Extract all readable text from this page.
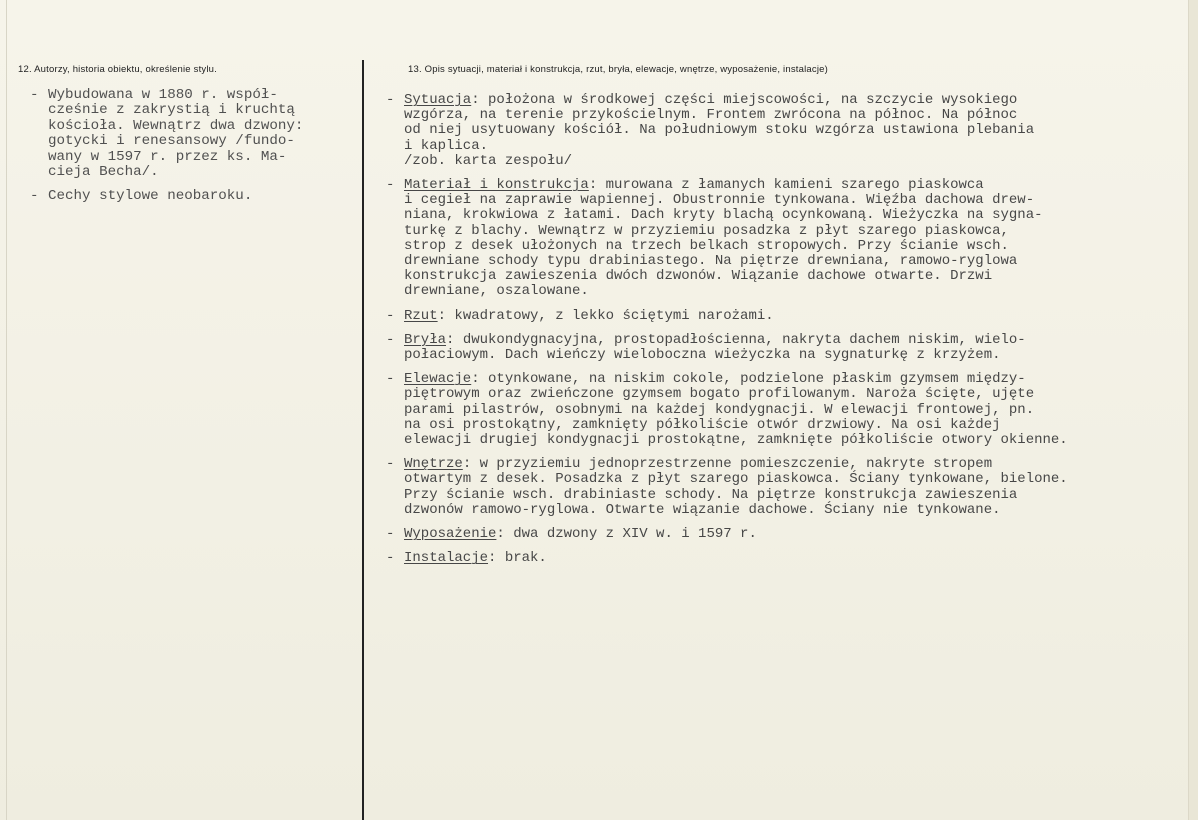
12. Autorzy, historia obiektu, określenie stylu.	13. Opis sytuacji, materiał i konstrukcja, rzut, bryła, elewacje, wnętrze, wyposażenie, instalacje)
- Wybudowana w 1880 r. współ-
cześnie z zakrystią i kruchtą
kościoła. Wewnątrz dwa dzwony:
gotycki i renesansowy /fundo-
wany w 1597 r. przez ks. Ma-
cieja Becha/.
- Cechy stylowe neobaroku.
- Sytuacja: położona w środkowej części miejscowości, na szczycie wysokiego
wzgórza, na terenie przykościelnym. Frontem zwrócona na północ. Na północ
od niej usytuowany kościół. Na południowym stoku wzgórza ustawiona plebania
i kaplica.
/zob. karta zespołu/
- Materiał i konstrukcja: murowana z łamanych kamieni szarego piaskowca
i cegieł na zaprawie wapiennej. Obustronnie tynkowana. Więźba dachowa drew-
niana, krokwiowa z łatami. Dach kryty blachą ocynkowaną. Wieżyczka na sygna-
turkę z blachy. Wewnątrz w przyziemiu posadzka z płyt szarego piaskowca,
strop z desek ułożonych na trzech belkach stropowych. Przy ścianie wsch.
drewniane schody typu drabiniastego. Na piętrze drewniana, ramowo-ryglowa
konstrukcja zawieszenia dwóch dzwonów. Wiązanie dachowe otwarte. Drzwi
drewniane, oszalowane.
- Rzut: kwadratowy, z lekko ściętymi narożami.
- Bryła: dwukondygnacyjna, prostopadłościenna, nakryta dachem niskim, wielo-
połaciowym. Dach wieńczy wieloboczna wieżyczka na sygnaturkę z krzyżem.
- Elewacje: otynkowane, na niskim cokole, podzielone płaskim gzymsem między-
piętrowym oraz zwieńczone gzymsem bogato profilowanym. Naroża ścięte, ujęte
parami pilastrów, osobnymi na każdej kondygnacji. W elewacji frontowej, pn.
na osi prostokątny, zamknięty półkoliście otwór drzwiowy. Na osi każdej
elewacji drugiej kondygnacji prostokątne, zamknięte półkoliście otwory okienne.
- Wnętrze: w przyziemiu jednoprzestrzenne pomieszczenie, nakryte stropem
otwartym z desek. Posadzka z płyt szarego piaskowca. Ściany tynkowane, bielone.
Przy ścianie wsch. drabiniaste schody. Na piętrze konstrukcja zawieszenia
dzwonów ramowo-ryglowa. Otwarte wiązanie dachowe. Ściany nie tynkowane.
- Wyposażenie: dwa dzwony z XIV w. i 1597 r.
- Instalacje: brak.
